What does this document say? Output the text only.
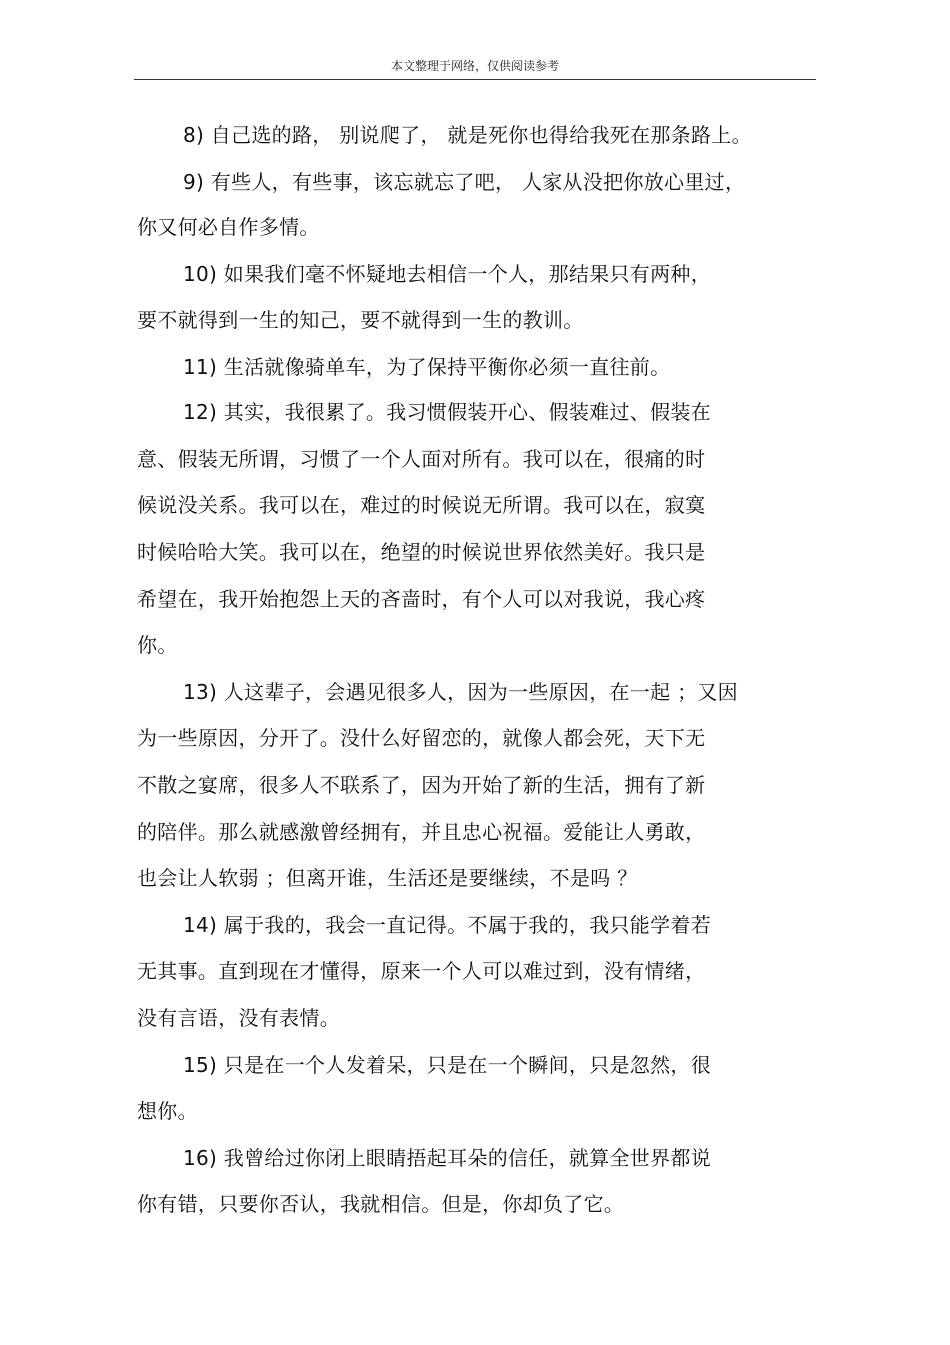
本文整理于网络，仅供阅读参考
8) 自己选的路， 别说爬了， 就是死你也得给我死在那条路上。
9) 有些人，有些事，该忘就忘了吧， 人家从没把你放心里过，
你又何必自作多情。
10) 如果我们毫不怀疑地去相信一个人，那结果只有两种，
要不就得到一生的知己，要不就得到一生的教训。
11) 生活就像骑单车，为了保持平衡你必须一直往前。
12) 其实，我很累了。我习惯假装开心、假装难过、假装在
意、假装无所谓，习惯了一个人面对所有。我可以在，很痛的时
候说没关系。我可以在，难过的时候说无所谓。我可以在，寂寞
时候哈哈大笑。我可以在，绝望的时候说世界依然美好。我只是
希望在，我开始抱怨上天的吝啬时，有个人可以对我说，我心疼
你。
13) 人这辈子，会遇见很多人，因为一些原因，在一起 ；又因
为一些原因，分开了。没什么好留恋的，就像人都会死，天下无
不散之宴席，很多人不联系了，因为开始了新的生活，拥有了新
的陪伴。那么就感激曾经拥有，并且忠心祝福。爱能让人勇敢，
也会让人软弱 ；但离开谁，生活还是要继续，不是吗 ？
14) 属于我的，我会一直记得。不属于我的，我只能学着若
无其事。直到现在才懂得，原来一个人可以难过到，没有情绪，
没有言语，没有表情。
15) 只是在一个人发着呆，只是在一个瞬间，只是忽然，很
想你。
16) 我曾给过你闭上眼睛捂起耳朵的信任，就算全世界都说
你有错，只要你否认，我就相信。但是，你却负了它。
